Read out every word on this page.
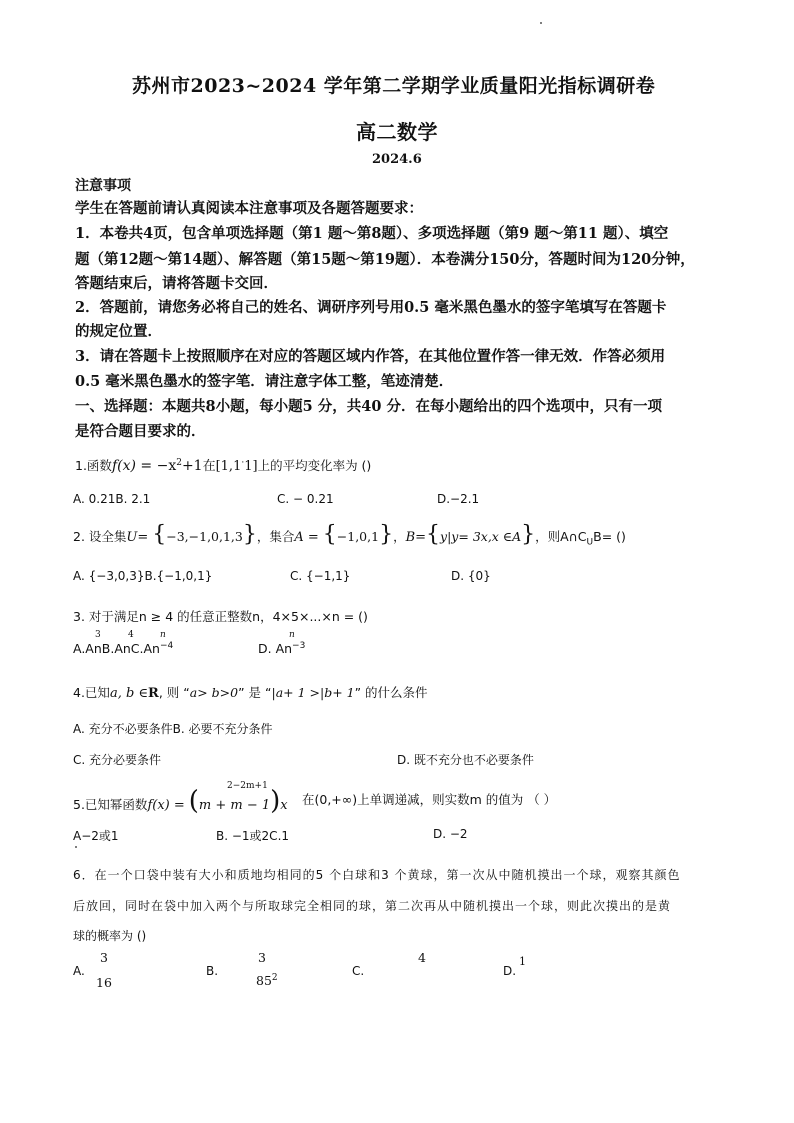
苏州市2023~2024 学年第二学期学业质量阳光指标调研卷
高二数学
2024.6
注意事项
学生在答题前请认真阅读本注意事项及各题答题要求：
1．本卷共4页，包含单项选择题（第1 题～第8题）、多项选择题（第9 题～第11 题）、填空
题（第12题～第14题）、解答题（第15题～第19题）．本卷满分150分，答题时间为120分钟，
答题结束后，请将答题卡交回．
2．答题前，请您务必将自己的姓名、调研序列号用0.5 毫米黑色墨水的签字笔填写在答题卡
的规定位置．
3．请在答题卡上按照顺序在对应的答题区域内作答，在其他位置作答一律无效．作答必须用
0.5 毫米黑色墨水的签字笔．请注意字体工整，笔迹清楚．
一、选择题：本题共8小题，每小题5 分，共40 分．在每小题给出的四个选项中，只有一项
是符合题目要求的．
1.函数$f(x) = -x^2+1$在[1,1·1]上的平均变化率为 ()
A. 0.21B. 2.1	C. − 0.21	D.−2.1
2. 设全集U= {−3,−1,0,1,3}，集合A = {−1,0,1}，B={y|y= 3x,x ∈A}，则$A\cap C_UB=$ ()
A. {−3,0,3}B.{−1,0,1}	C. {−1,1}	D. {0}
3. 对于满足n ≥ 4 的任意正整数n，4×5×...×n = ()
3	4	n	n
$A.AnB.AnC.An^{-4}$	D. $An^{-3}$
4.已知a, b ∈R, 则 “a> b>0” 是 “|a+ 1 >|b+ 1” 的什么条件
A. 充分不必要条件B. 必要不充分条件
C. 充分必要条件	D. 既不充分也不必要条件
2−2m+1
5.已知幂函数f(x) = (m + m − 1)x 在(0,+∞)上单调递减，则实数m 的值为 （ ）
A−2或1	B. −1或2C.1	D. −2
6．在一个口袋中装有大小和质地均相同的5 个白球和3 个黄球，第一次从中随机摸出一个球，观察其颜色
后放回，同时在袋中加入两个与所取球完全相同的球，第二次再从中随机摸出一个球，则此次摸出的是黄
球的概率为 ()
A.
3
16
B.
3
$85^2$	C.
4
D.
1
